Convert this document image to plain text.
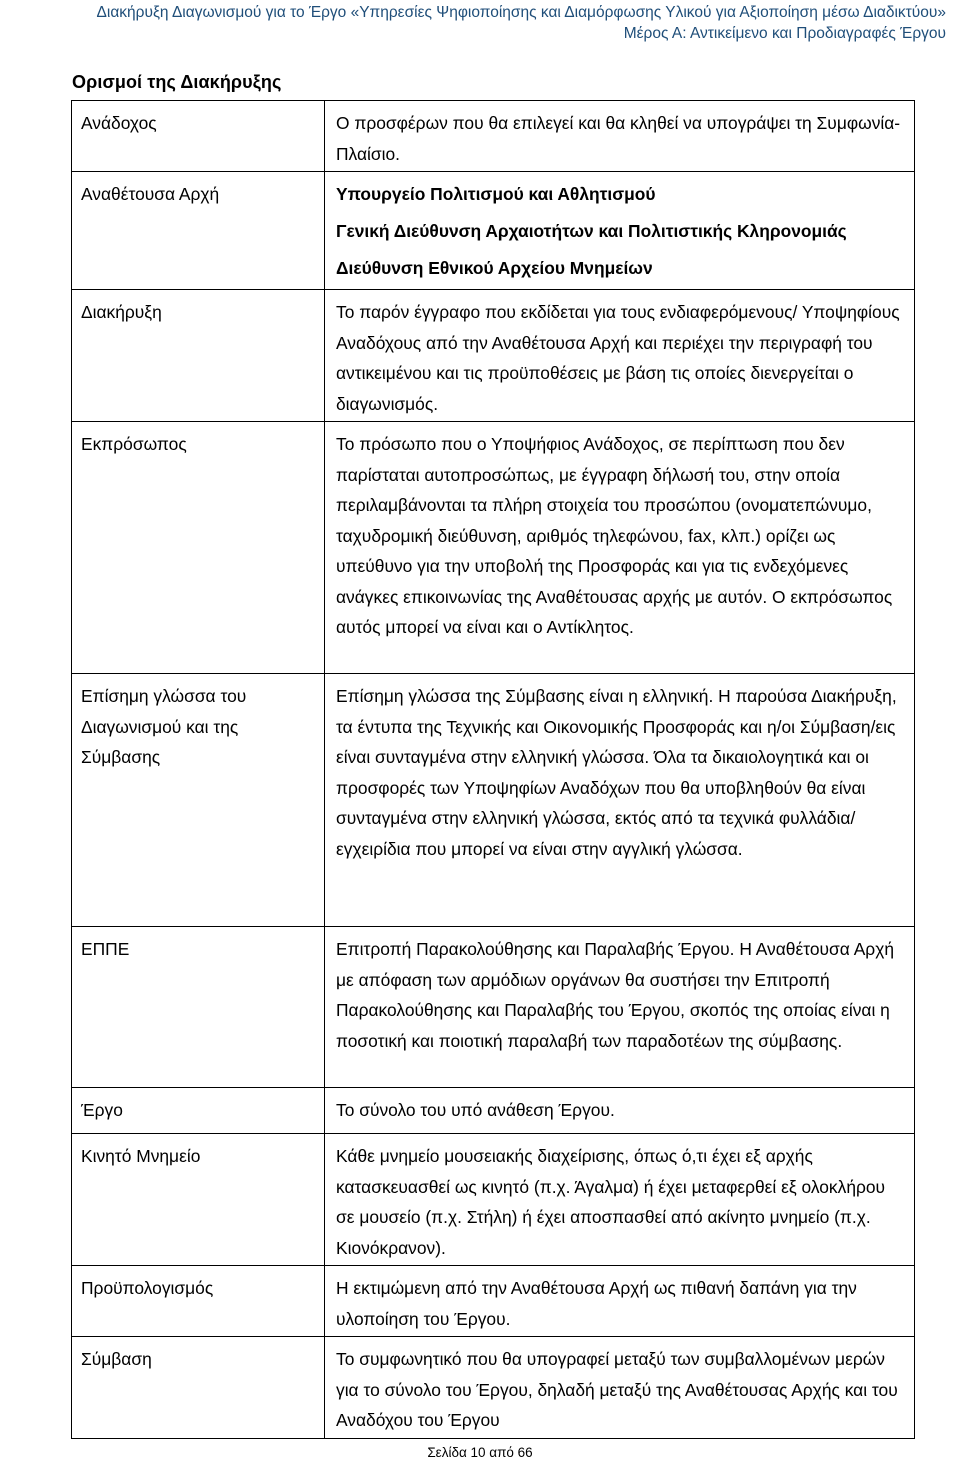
Διακήρυξη Διαγωνισμού για το Έργο «Υπηρεσίες Ψηφιοποίησης και Διαμόρφωσης Υλικού για Αξιοποίηση μέσω Διαδικτύου»
Μέρος Α: Αντικείμενο και Προδιαγραφές Έργου
Ορισμοί της Διακήρυξης
Ανάδοχος	Ο προσφέρων που θα επιλεγεί και θα κληθεί να υπογράψει τη Συμφωνία-Πλαίσιο.
Αναθέτουσα Αρχή	Υπουργείο Πολιτισμού και Αθλητισμού
Γενική Διεύθυνση Αρχαιοτήτων και Πολιτιστικής Κληρονομιάς
Διεύθυνση Εθνικού Αρχείου Μνημείων

Διακήρυξη	Το παρόν έγγραφο που εκδίδεται για τους ενδιαφερόμενους/ Υποψηφίους Αναδόχους από την Αναθέτουσα Αρχή και περιέχει την περιγραφή του αντικειμένου και τις προϋποθέσεις με βάση τις οποίες διενεργείται ο διαγωνισμός.
Εκπρόσωπος	Το πρόσωπο που ο Υποψήφιος Ανάδοχος, σε περίπτωση που δεν παρίσταται αυτοπροσώπως, με έγγραφη δήλωσή του, στην οποία περιλαμβάνονται τα πλήρη στοιχεία του προσώπου (ονοματεπώνυμο, ταχυδρομική διεύθυνση, αριθμός τηλεφώνου, fax, κλπ.) ορίζει ως υπεύθυνο για την υποβολή της Προσφοράς και για τις ενδεχόμενες ανάγκες επικοινωνίας της Αναθέτουσας αρχής με αυτόν. Ο εκπρόσωπος αυτός μπορεί να είναι και ο Αντίκλητος.
Επίσημη γλώσσα του Διαγωνισμού και της Σύμβασης	Επίσημη γλώσσα της Σύμβασης είναι η ελληνική. Η παρούσα Διακήρυξη, τα έντυπα της Τεχνικής και Οικονομικής Προσφοράς και η/οι Σύμβαση/εις είναι συνταγμένα στην ελληνική γλώσσα. Όλα τα δικαιολογητικά και οι προσφορές των Υποψηφίων Αναδόχων που θα υποβληθούν θα είναι συνταγμένα στην ελληνική γλώσσα, εκτός από τα τεχνικά φυλλάδια/ εγχειρίδια που μπορεί να είναι στην αγγλική γλώσσα.
ΕΠΠΕ	Επιτροπή Παρακολούθησης και Παραλαβής Έργου. Η Αναθέτουσα Αρχή με απόφαση των αρμόδιων οργάνων θα συστήσει την Επιτροπή Παρακολούθησης και Παραλαβής του Έργου, σκοπός της οποίας είναι η ποσοτική και ποιοτική παραλαβή των παραδοτέων της σύμβασης.
Έργο	Το σύνολο του υπό ανάθεση Έργου.
Κινητό Μνημείο	Κάθε μνημείο μουσειακής διαχείρισης, όπως ό,τι έχει εξ αρχής κατασκευασθεί ως κινητό (π.χ. Άγαλμα) ή έχει μεταφερθεί εξ ολοκλήρου σε μουσείο (π.χ. Στήλη) ή έχει αποσπασθεί από ακίνητο μνημείο (π.χ. Κιονόκρανον).
Προϋπολογισμός	Η εκτιμώμενη από την Αναθέτουσα Αρχή ως πιθανή δαπάνη για την υλοποίηση του Έργου.
Σύμβαση	Το συμφωνητικό που θα υπογραφεί μεταξύ των συμβαλλομένων μερών για το σύνολο του Έργου, δηλαδή μεταξύ της Αναθέτουσας Αρχής και του Αναδόχου του Έργου
Σελίδα 10 από 66
